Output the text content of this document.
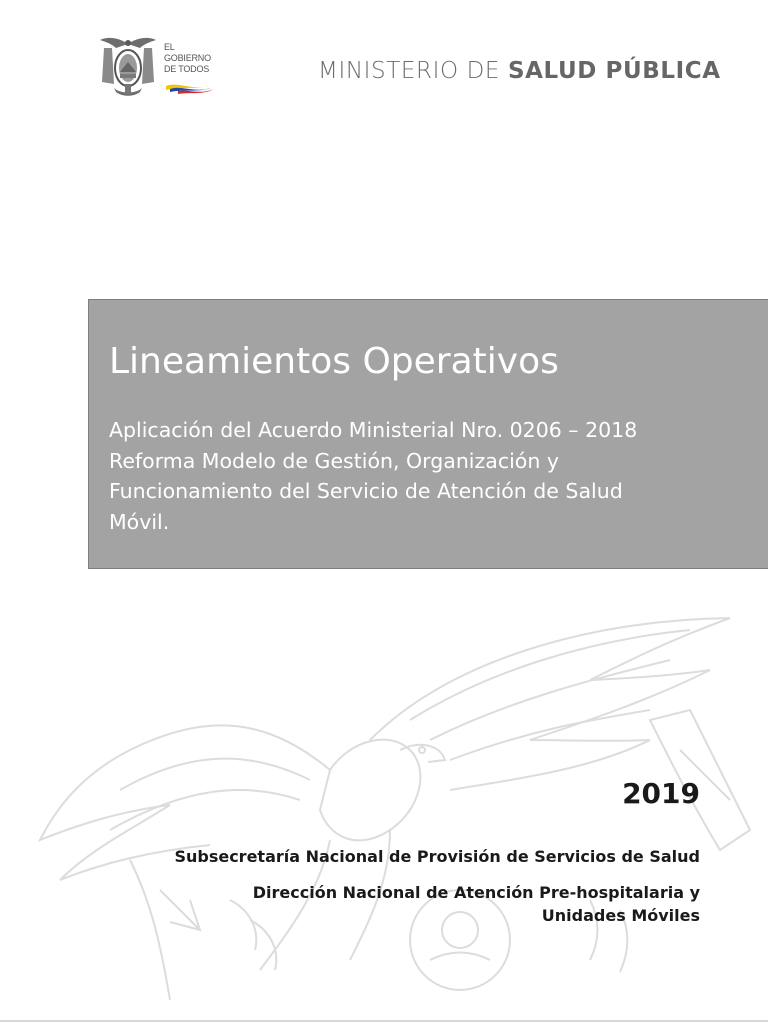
EL
GOBIERNO
DE TODOS	MINISTERIO DE SALUD PÚBLICA
Lineamientos Operativos
Aplicación del Acuerdo Ministerial Nro. 0206 – 2018
Reforma Modelo de Gestión, Organización y
Funcionamiento del Servicio de Atención de Salud
Móvil.
2019
Subsecretaría Nacional de Provisión de Servicios de Salud
Dirección Nacional de Atención Pre-hospitalaria y
Unidades Móviles
